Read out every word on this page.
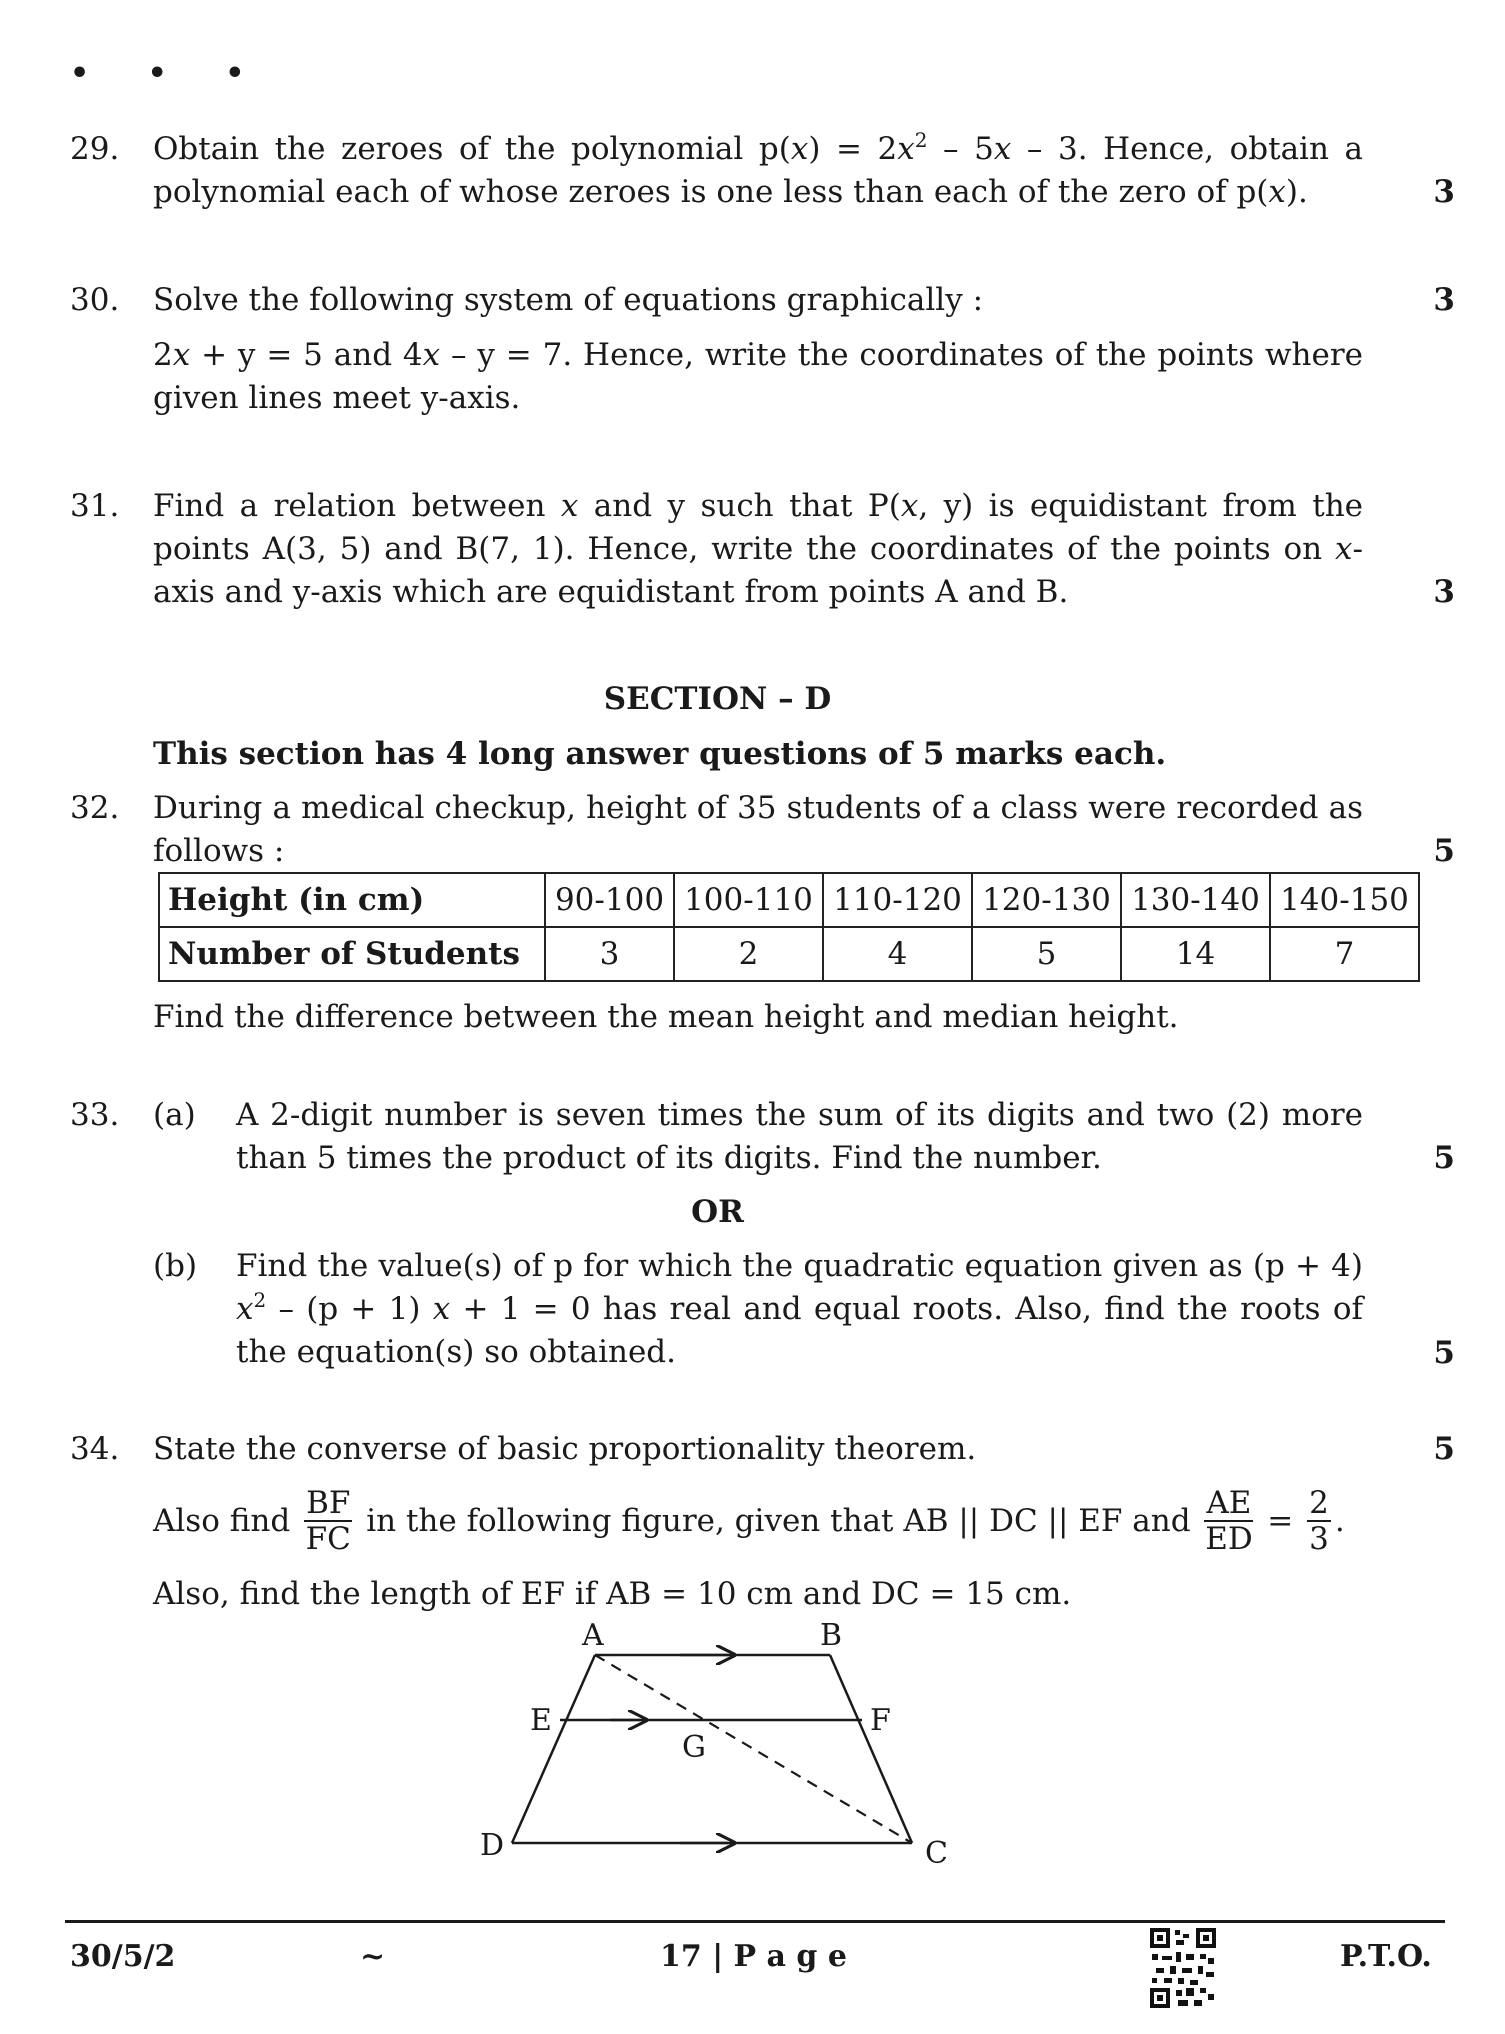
• • •
29.	Obtain the zeroes of the polynomial $p(x) = 2x^2 - 5x - 3$. Hence, obtain a polynomial each of whose zeroes is one less than each of the zero of p(x).	3
30.	Solve the following system of equations graphically :	3
2x + y = 5 and 4x – y = 7. Hence, write the coordinates of the points where given lines meet y-axis.
31.	Find a relation between x and y such that P(x, y) is equidistant from the points A(3, 5) and B(7, 1). Hence, write the coordinates of the points on x-axis and y-axis which are equidistant from points A and B.	3
SECTION – D
This section has 4 long answer questions of 5 marks each.
32.	During a medical checkup, height of 35 students of a class were recorded as follows :	5
Height (in cm)	90-100	100-110	110-120	120-130	130-140	140-150
Number of Students	3	2	4	5	14	7
Find the difference between the mean height and median height.
33.	(a)	A 2-digit number is seven times the sum of its digits and two (2) more than 5 times the product of its digits. Find the number.	5
OR
(b)	Find the value(s) of p for which the quadratic equation given as (p + 4) $x^2 - (p + 1) x + 1 = 0$ has real and equal roots. Also, find the roots of the equation(s) so obtained.	5
34.	State the converse of basic proportionality theorem.	5
Also find $\frac{BF}{FC}$ in the following figure, given that AB || DC || EF and $\frac{AE}{ED} = \frac{2}{3}$ .
Also, find the length of EF if AB = 10 cm and DC = 15 cm.
A	B
E	F
G
D	C
30/5/2	~	17 | P a g e	P.T.O.
